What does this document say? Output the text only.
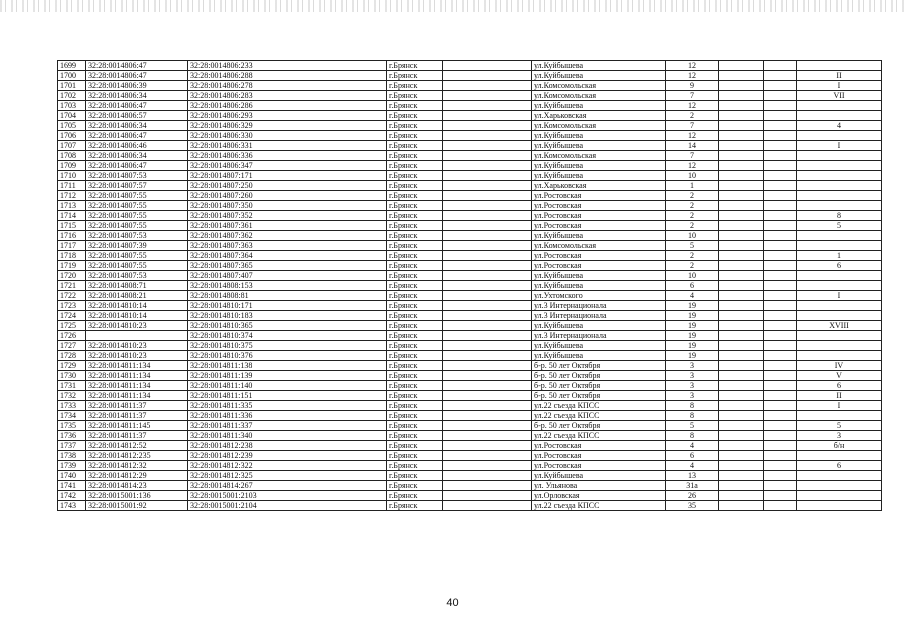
1699	32:28:0014806:47	32:28:0014806:233	г.Брянск		ул.Куйбышева	12			
1700	32:28:0014806:47	32:28:0014806:288	г.Брянск		ул.Куйбышева	12			II
1701	32:28:0014806:39	32:28:0014806:278	г.Брянск		ул.Комсомольская	9			I
1702	32:28:0014806:34	32:28:0014806:283	г.Брянск		ул.Комсомольская	7			VII
1703	32:28:0014806:47	32:28:0014806:286	г.Брянск		ул.Куйбышева	12			
1704	32:28:0014806:57	32:28:0014806:293	г.Брянск		ул.Харьковская	2			
1705	32:28:0014806:34	32:28:0014806:329	г.Брянск		ул.Комсомольская	7			4
1706	32:28:0014806:47	32:28:0014806:330	г.Брянск		ул.Куйбышева	12			
1707	32:28:0014806:46	32:28:0014806:331	г.Брянск		ул.Куйбышева	14			I
1708	32:28:0014806:34	32:28:0014806:336	г.Брянск		ул.Комсомольская	7			
1709	32:28:0014806:47	32:28:0014806:347	г.Брянск		ул.Куйбышева	12			
1710	32:28:0014807:53	32:28:0014807:171	г.Брянск		ул.Куйбышева	10			
1711	32:28:0014807:57	32:28:0014807:250	г.Брянск		ул.Харьковская	1			
1712	32:28:0014807:55	32:28:0014807:260	г.Брянск		ул.Ростовская	2			
1713	32:28:0014807:55	32:28:0014807:350	г.Брянск		ул.Ростовская	2			
1714	32:28:0014807:55	32:28:0014807:352	г.Брянск		ул.Ростовская	2			8
1715	32:28:0014807:55	32:28:0014807:361	г.Брянск		ул.Ростовская	2			5
1716	32:28:0014807:53	32:28:0014807:362	г.Брянск		ул.Куйбышева	10			
1717	32:28:0014807:39	32:28:0014807:363	г.Брянск		ул.Комсомольская	5			
1718	32:28:0014807:55	32:28:0014807:364	г.Брянск		ул.Ростовская	2			1
1719	32:28:0014807:55	32:28:0014807:365	г.Брянск		ул.Ростовская	2			6
1720	32:28:0014807:53	32:28:0014807:407	г.Брянск		ул.Куйбышева	10			
1721	32:28:0014808:71	32:28:0014808:153	г.Брянск		ул.Куйбышева	6			
1722	32:28:0014808:21	32:28:0014808:81	г.Брянск		ул.Ухтомского	4			I
1723	32:28:0014810:14	32:28:0014810:171	г.Брянск		ул.3 Интернационала	19			
1724	32:28:0014810:14	32:28:0014810:183	г.Брянск		ул.3 Интернационала	19			
1725	32:28:0014810:23	32:28:0014810:365	г.Брянск		ул.Куйбышева	19			XVIII
1726		32:28:0014810:374	г.Брянск		ул.3 Интернационала	19			
1727	32:28:0014810:23	32:28:0014810:375	г.Брянск		ул.Куйбышева	19			
1728	32:28:0014810:23	32:28:0014810:376	г.Брянск		ул.Куйбышева	19			
1729	32:28:0014811:134	32:28:0014811:138	г.Брянск		б-р. 50 лет Октября	3			IV
1730	32:28:0014811:134	32:28:0014811:139	г.Брянск		б-р. 50 лет Октября	3			V
1731	32:28:0014811:134	32:28:0014811:140	г.Брянск		б-р. 50 лет Октября	3			6
1732	32:28:0014811:134	32:28:0014811:151	г.Брянск		б-р. 50 лет Октября	3			II
1733	32:28:0014811:37	32:28:0014811:335	г.Брянск		ул.22 съезда КПСС	8			I
1734	32:28:0014811:37	32:28:0014811:336	г.Брянск		ул.22 съезда КПСС	8			
1735	32:28:0014811:145	32:28:0014811:337	г.Брянск		б-р. 50 лет Октября	5			5
1736	32:28:0014811:37	32:28:0014811:340	г.Брянск		ул.22 съезда КПСС	8			3
1737	32:28:0014812:52	32:28:0014812:238	г.Брянск		ул.Ростовская	4			б/н
1738	32:28:0014812:235	32:28:0014812:239	г.Брянск		ул.Ростовская	6			
1739	32:28:0014812:32	32:28:0014812:322	г.Брянск		ул.Ростовская	4			6
1740	32:28:0014812:29	32:28:0014812:325	г.Брянск		ул.Куйбышева	13			
1741	32:28:0014814:23	32:28:0014814:267	г.Брянск		ул. Ульянова	31а			
1742	32:28:0015001:136	32:28:0015001:2103	г.Брянск		ул.Орловская	26			
1743	32:28:0015001:92	32:28:0015001:2104	г.Брянск		ул.22 съезда КПСС	35			
40
